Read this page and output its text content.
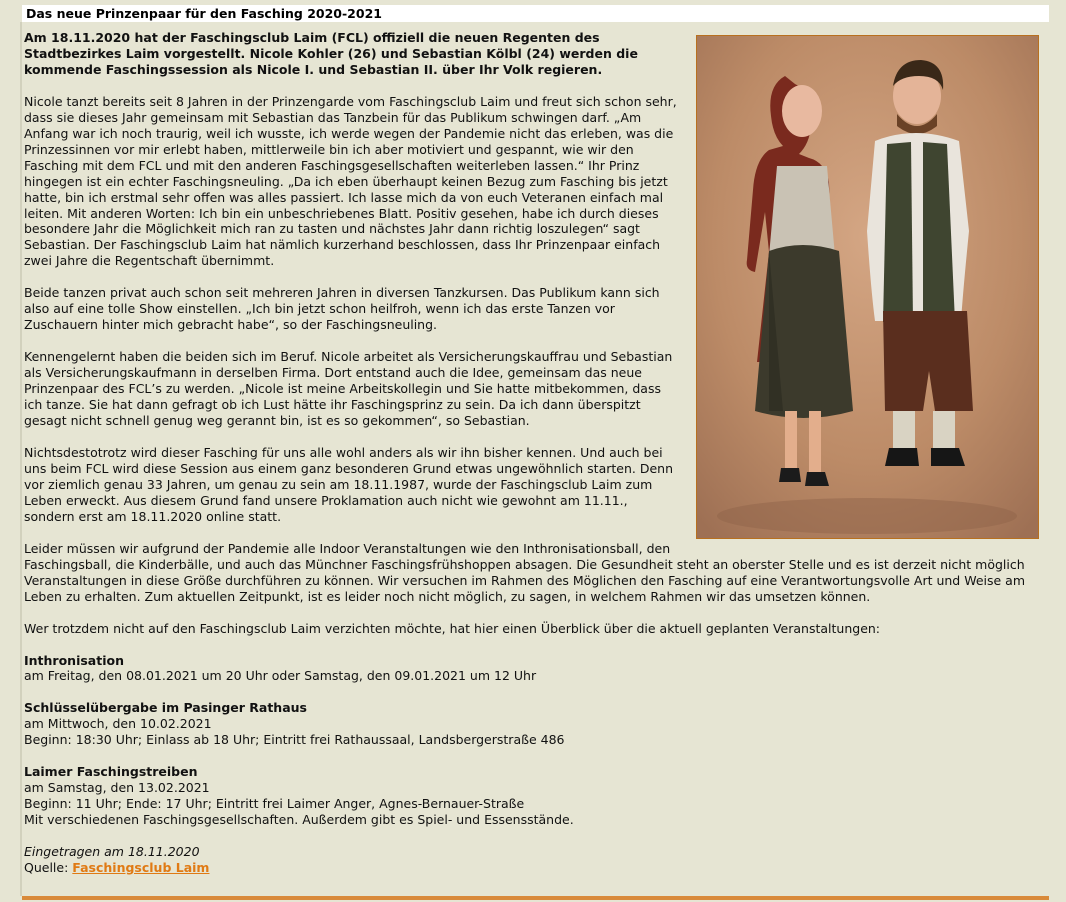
Das neue Prinzenpaar für den Fasching 2020-2021

Am 18.11.2020 hat der Faschingsclub Laim (FCL) offiziell die neuen Regenten des Stadtbezirkes Laim vorgestellt. Nicole Kohler (26) und Sebastian Kölbl (24) werden die kommende Faschingssession als Nicole I. und Sebastian II. über Ihr Volk regieren.

Nicole tanzt bereits seit 8 Jahren in der Prinzengarde vom Faschingsclub Laim und freut sich schon sehr, dass sie dieses Jahr gemeinsam mit Sebastian das Tanzbein für das Publikum schwingen darf. „Am Anfang war ich noch traurig, weil ich wusste, ich werde wegen der Pandemie nicht das erleben, was die Prinzessinnen vor mir erlebt haben, mittlerweile bin ich aber motiviert und gespannt, wie wir den Fasching mit dem FCL und mit den anderen Faschingsgesellschaften weiterleben lassen.“ Ihr Prinz hingegen ist ein echter Faschingsneuling. „Da ich eben überhaupt keinen Bezug zum Fasching bis jetzt hatte, bin ich erstmal sehr offen was alles passiert. Ich lasse mich da von euch Veteranen einfach mal leiten. Mit anderen Worten: Ich bin ein unbeschriebenes Blatt. Positiv gesehen, habe ich durch dieses besondere Jahr die Möglichkeit mich ran zu tasten und nächstes Jahr dann richtig loszulegen“ sagt Sebastian. Der Faschingsclub Laim hat nämlich kurzerhand beschlossen, dass Ihr Prinzenpaar einfach zwei Jahre die Regentschaft übernimmt.

Beide tanzen privat auch schon seit mehreren Jahren in diversen Tanzkursen. Das Publikum kann sich also auf eine tolle Show einstellen. „Ich bin jetzt schon heilfroh, wenn ich das erste Tanzen vor Zuschauern hinter mich gebracht habe“, so der Faschingsneuling.

Kennengelernt haben die beiden sich im Beruf. Nicole arbeitet als Versicherungskauffrau und Sebastian als Versicherungskaufmann in derselben Firma. Dort entstand auch die Idee, gemeinsam das neue Prinzenpaar des FCL’s zu werden. „Nicole ist meine Arbeitskollegin und Sie hatte mitbekommen, dass ich tanze. Sie hat dann gefragt ob ich Lust hätte ihr Faschingsprinz zu sein. Da ich dann überspitzt gesagt nicht schnell genug weg gerannt bin, ist es so gekommen“, so Sebastian.

Nichtsdestotrotz wird dieser Fasching für uns alle wohl anders als wir ihn bisher kennen. Und auch bei uns beim FCL wird diese Session aus einem ganz besonderen Grund etwas ungewöhnlich starten. Denn vor ziemlich genau 33 Jahren, um genau zu sein am 18.11.1987, wurde der Faschingsclub Laim zum Leben erweckt. Aus diesem Grund fand unsere Proklamation auch nicht wie gewohnt am 11.11., sondern erst am 18.11.2020 online statt.

Leider müssen wir aufgrund der Pandemie alle Indoor Veranstaltungen wie den Inthronisationsball, den Faschingsball, die Kinderbälle, und auch das Münchner Faschingsfrühshoppen absagen. Die Gesundheit steht an oberster Stelle und es ist derzeit nicht möglich Veranstaltungen in diese Größe durchführen zu können. Wir versuchen im Rahmen des Möglichen den Fasching auf eine Verantwortungsvolle Art und Weise am Leben zu erhalten. Zum aktuellen Zeitpunkt, ist es leider noch nicht möglich, zu sagen, in welchem Rahmen wir das umsetzen können.

Wer trotzdem nicht auf den Faschingsclub Laim verzichten möchte, hat hier einen Überblick über die aktuell geplanten Veranstaltungen:

Inthronisation
am Freitag, den 08.01.2021 um 20 Uhr oder Samstag, den 09.01.2021 um 12 Uhr
Schlüsselübergabe im Pasinger Rathaus
am Mittwoch, den 10.02.2021
Beginn: 18:30 Uhr; Einlass ab 18 Uhr; Eintritt frei Rathaussaal, Landsbergerstraße 486
Laimer Faschingstreiben
am Samstag, den 13.02.2021
Beginn: 11 Uhr; Ende: 17 Uhr; Eintritt frei Laimer Anger, Agnes-Bernauer-Straße
Mit verschiedenen Faschingsgesellschaften. Außerdem gibt es Spiel- und Essensstände.
Eingetragen am 18.11.2020
Quelle: Faschingsclub Laim
